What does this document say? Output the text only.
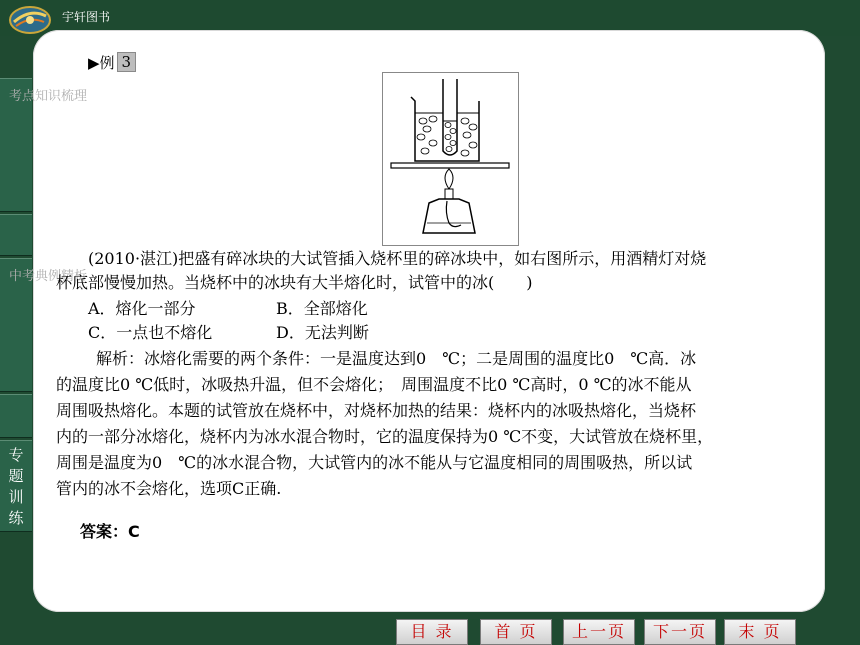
宇轩图书
考点知识梳理
中考典例精析
专题训练
▶例 3
(2010·湛江)把盛有碎冰块的大试管插入烧杯里的碎冰块中，如右图所示，用酒精灯对烧
杯底部慢慢加热。当烧杯中的冰块有大半熔化时，试管中的冰(　　)
A．熔化一部分	B．全部熔化
C．一点也不熔化	D．无法判断
解析：冰熔化需要的两个条件：一是温度达到0　℃；二是周围的温度比0　℃高．冰
的温度比0 ℃低时，冰吸热升温，但不会熔化；　周围温度不比0 ℃高时，0 ℃的冰不能从
周围吸热熔化。本题的试管放在烧杯中，对烧杯加热的结果：烧杯内的冰吸热熔化，当烧杯
内的一部分冰熔化，烧杯内为冰水混合物时，它的温度保持为0 ℃不变，大试管放在烧杯里，
周围是温度为0　℃的冰水混合物，大试管内的冰不能从与它温度相同的周围吸热，所以试
管内的冰不会熔化，选项C正确.
答案：C
目 录	首 页	上一页	下一页	末 页
